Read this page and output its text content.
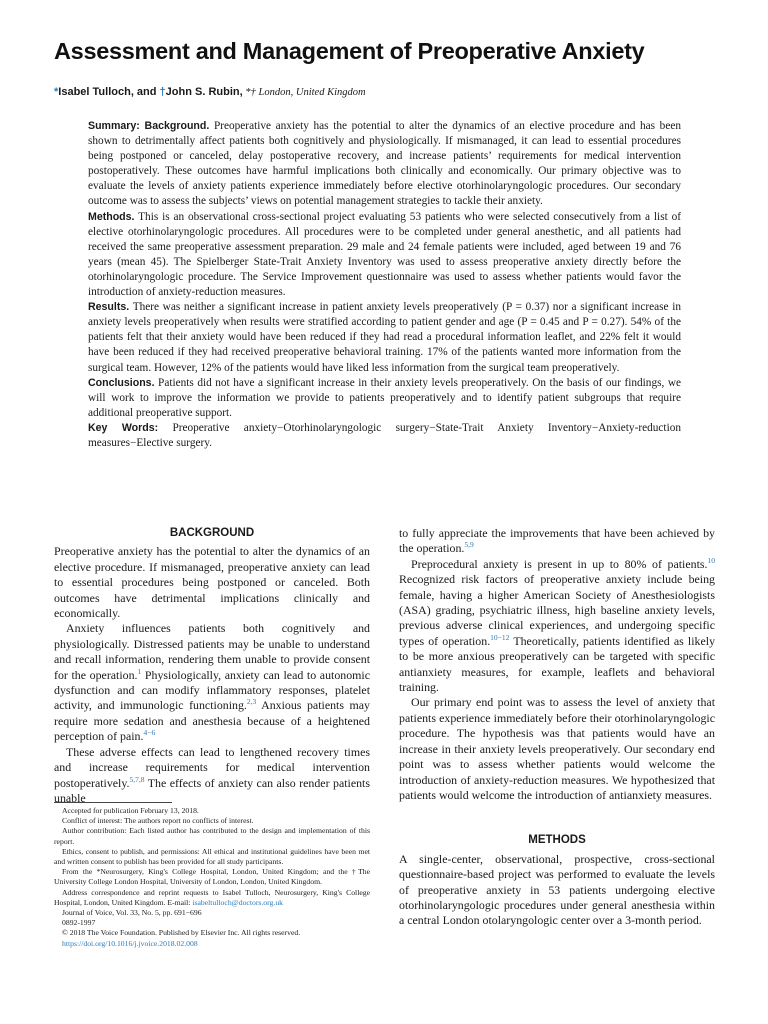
Assessment and Management of Preoperative Anxiety
*Isabel Tulloch, and †John S. Rubin, *† London, United Kingdom

Summary: Background. Preoperative anxiety has the potential to alter the dynamics of an elective procedure and has been shown to detrimentally affect patients both cognitively and physiologically. If mismanaged, it can lead to essential procedures being postponed or canceled, delay postoperative recovery, and increase patients’ requirements for medical intervention postoperatively. These outcomes have harmful implications both clinically and economically. Our primary objective was to evaluate the levels of anxiety patients experience immediately before elective otorhinolaryngologic procedures. Our secondary outcome was to assess the subjects’ views on potential management strategies to tackle their anxiety.

Methods. This is an observational cross-sectional project evaluating 53 patients who were selected consecutively from a list of elective otorhinolaryngologic procedures. All procedures were to be completed under general anesthetic, and all patients had received the same preoperative assessment preparation. 29 male and 24 female patients were included, aged between 19 and 76 years (mean 45). The Spielberger State-Trait Anxiety Inventory was used to assess preoperative anxiety directly before the otorhinolaryngologic procedure. The Service Improvement questionnaire was used to assess whether patients would favor the introduction of anxiety-reduction measures.

Results. There was neither a significant increase in patient anxiety levels preoperatively (P = 0.37) nor a significant increase in anxiety levels preoperatively when results were stratified according to patient gender and age (P = 0.45 and P = 0.27). 54% of the patients felt that their anxiety would have been reduced if they had read a procedural information leaflet, and 22% felt it would have been reduced if they had received preoperative behavioral training. 17% of the patients wanted more information from the surgical team. However, 12% of the patients would have liked less information from the surgical team preoperatively.

Conclusions. Patients did not have a significant increase in their anxiety levels preoperatively. On the basis of our findings, we will work to improve the information we provide to patients preoperatively and to identify patient subgroups that require additional preoperative support.

Key Words: Preoperative anxiety−Otorhinolaryngologic surgery−State-Trait Anxiety Inventory−Anxiety-reduction measures−Elective surgery.

BACKGROUND

Preoperative anxiety has the potential to alter the dynamics of an elective procedure. If mismanaged, preoperative anxiety can lead to essential procedures being postponed or canceled. Both outcomes have detrimental implications clinically and economically.

Anxiety influences patients both cognitively and physiologically. Distressed patients may be unable to understand and recall information, rendering them unable to provide consent for the operation.$^1$ Physiologically, anxiety can lead to autonomic dysfunction and can modify inflammatory responses, platelet activity, and immunologic functioning.$^{2,3}$ Anxious patients may require more sedation and anesthesia because of a heightened perception of pain.$^{4-6}$

These adverse effects can lead to lengthened recovery times and increase requirements for medical intervention postoperatively.$^{5,7,8}$ The effects of anxiety can also render patients unable

Accepted for publication February 13, 2018.

Conflict of interest: The authors report no conflicts of interest.

Author contribution: Each listed author has contributed to the design and implementation of this report.

Ethics, consent to publish, and permissions: All ethical and institutional guidelines have been met and written consent to publish has been provided for all study participants.

From the *Neurosurgery, King's College Hospital, London, United Kingdom; and the †The University College London Hospital, University of London, London, United Kingdom.

Address correspondence and reprint requests to Isabel Tulloch, Neurosurgery, King's College Hospital, London, United Kingdom. E-mail: isabeltulloch@doctors.org.uk

Journal of Voice, Vol. 33, No. 5, pp. 691−696

0892-1997

© 2018 The Voice Foundation. Published by Elsevier Inc. All rights reserved.

https://doi.org/10.1016/j.jvoice.2018.02.008

to fully appreciate the improvements that have been achieved by the operation.$^{5,9}$

Preprocedural anxiety is present in up to 80% of patients.$^{10}$ Recognized risk factors of preoperative anxiety include being female, having a higher American Society of Anesthesiologists (ASA) grading, psychiatric illness, high baseline anxiety levels, previous adverse clinical experiences, and undergoing specific types of operation.$^{10-12}$ Theoretically, patients identified as likely to be more anxious preoperatively can be targeted with specific antianxiety measures, for example, leaflets and behavioral training.

Our primary end point was to assess the level of anxiety that patients experience immediately before their otorhinolaryngologic procedure. The hypothesis was that patients would have an increase in their anxiety levels preoperatively. Our secondary end point was to assess whether patients would welcome the introduction of anxiety-reduction measures. We hypothesized that patients would welcome the introduction of antianxiety measures.

METHODS

A single-center, observational, prospective, cross-sectional questionnaire-based project was performed to evaluate the levels of preoperative anxiety in 53 patients undergoing elective otorhinolaryngologic procedures under general anesthesia within a central London otolaryngologic center over a 3-month period.
